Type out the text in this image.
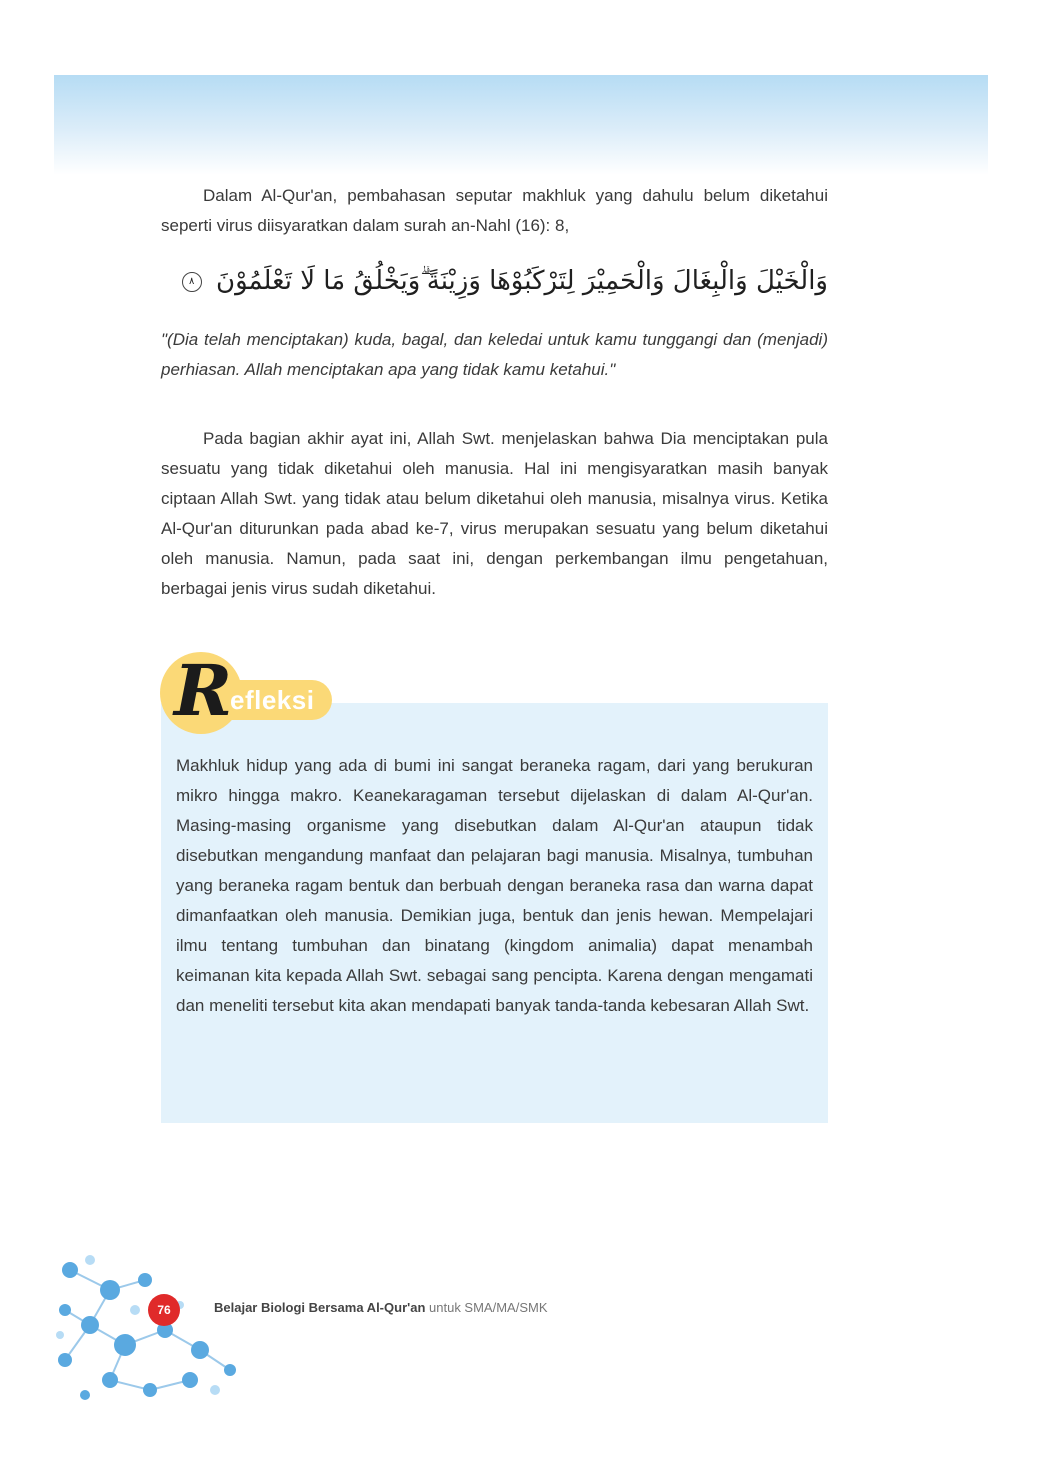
Dalam Al-Qur'an, pembahasan seputar makhluk yang dahulu belum diketahui seperti virus diisyaratkan dalam surah an-Nahl (16): 8,

وَالْخَيْلَ وَالْبِغَالَ وَالْحَمِيْرَ لِتَرْكَبُوْهَا وَزِيْنَةً ۗوَيَخْلُقُ مَا لَا تَعْلَمُوْنَ ٨

"(Dia telah menciptakan) kuda, bagal, dan keledai untuk kamu tunggangi dan (menjadi) perhiasan. Allah menciptakan apa yang tidak kamu ketahui."

Pada bagian akhir ayat ini, Allah Swt. menjelaskan bahwa Dia menciptakan pula sesuatu yang tidak diketahui oleh manusia. Hal ini mengisyaratkan masih banyak ciptaan Allah Swt. yang tidak atau belum diketahui oleh manusia, misalnya virus. Ketika Al-Qur'an diturunkan pada abad ke-7, virus merupakan sesuatu yang belum diketahui oleh manusia. Namun, pada saat ini, dengan perkembangan ilmu pengetahuan, berbagai jenis virus sudah diketahui.

Makhluk hidup yang ada di bumi ini sangat beraneka ragam, dari yang berukuran mikro hingga makro. Keanekaragaman tersebut dijelaskan di dalam Al-Qur'an. Masing-masing organisme yang disebutkan dalam Al-Qur'an ataupun tidak disebutkan mengandung manfaat dan pelajaran bagi manusia. Misalnya, tumbuhan yang beraneka ragam bentuk dan berbuah dengan beraneka rasa dan warna dapat dimanfaatkan oleh manusia. Demikian juga, bentuk dan jenis hewan. Mempelajari ilmu tentang tumbuhan dan binatang (kingdom animalia) dapat menambah keimanan kita kepada Allah Swt. sebagai sang pencipta. Karena dengan mengamati dan meneliti tersebut kita akan mendapati banyak tanda-tanda kebesaran Allah Swt.

R
efleksi
76	Belajar Biologi Bersama Al-Qur'an untuk SMA/MA/SMK
